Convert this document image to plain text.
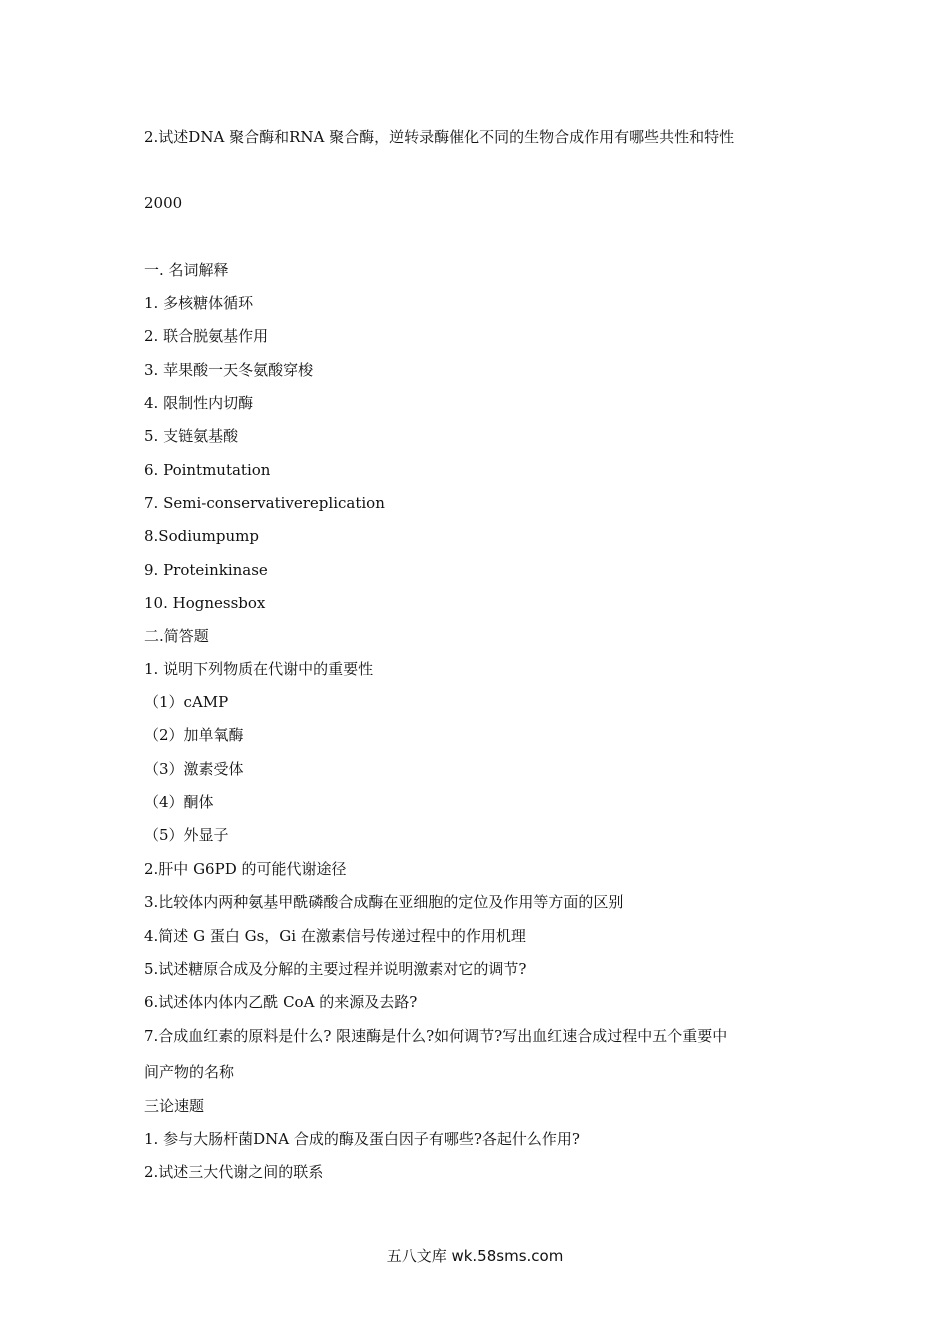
2.试述DNA 聚合酶和RNA 聚合酶，逆转录酶催化不同的生物合成作用有哪些共性和特性
2000
一. 名词解释
1. 多核糖体循环
2. 联合脱氨基作用
3. 苹果酸一天冬氨酸穿梭
4. 限制性内切酶
5. 支链氨基酸
6. Pointmutation
7. Semi-conservativereplication
8.Sodiumpump
9. Proteinkinase
10. Hognessbox
二.简答题
1. 说明下列物质在代谢中的重要性
（1）cAMP
（2）加单氧酶
（3）激素受体
（4）酮体
（5）外显子
2.肝中 G6PD 的可能代谢途径
3.比较体内两种氨基甲酰磷酸合成酶在亚细胞的定位及作用等方面的区别
4.简述 G 蛋白 Gs，Gi 在激素信号传递过程中的作用机理
5.试述糖原合成及分解的主要过程并说明激素对它的调节?
6.试述体内体内乙酰 CoA 的来源及去路?
7.合成血红素的原料是什么? 限速酶是什么?如何调节?写出血红速合成过程中五个重要中
间产物的名称
三论速题
1. 参与大肠杆菌DNA 合成的酶及蛋白因子有哪些?各起什么作用?
2.试述三大代谢之间的联系
五八文库 wk.58sms.com
